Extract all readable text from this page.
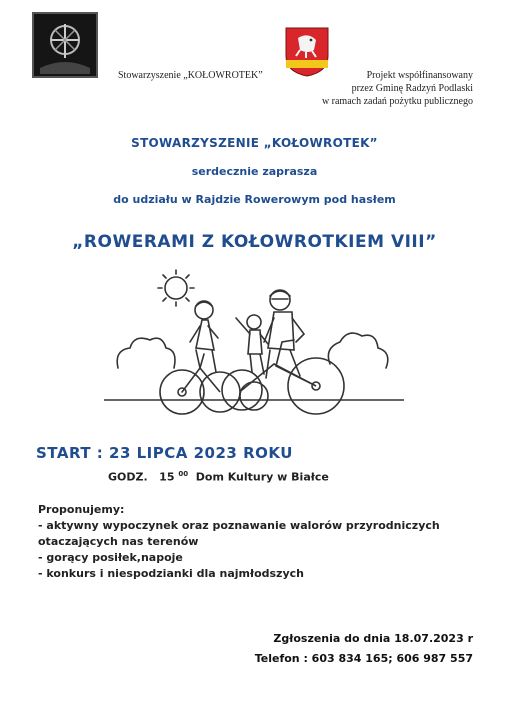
Stowarzyszenie „KOŁOWROTEK”	Projekt współfinansowany
przez Gminę Radzyń Podlaski
w ramach zadań pożytku publicznego
STOWARZYSZENIE „KOŁOWROTEK”
serdecznie zaprasza
do udziału w Rajdzie Rowerowym pod hasłem
„ROWERAMI Z KOŁOWROTKIEM VIII”
START : 23 LIPCA 2023 ROKU
GODZ. 15 $^{00}$ Dom Kultury w Białce
Proponujemy:
- aktywny wypoczynek oraz poznawanie walorów przyrodniczych
otaczających nas terenów
- gorący posiłek,napoje
- konkurs i niespodzianki dla najmłodszych
Zgłoszenia do dnia 18.07.2023 r
Telefon : 603 834 165; 606 987 557
